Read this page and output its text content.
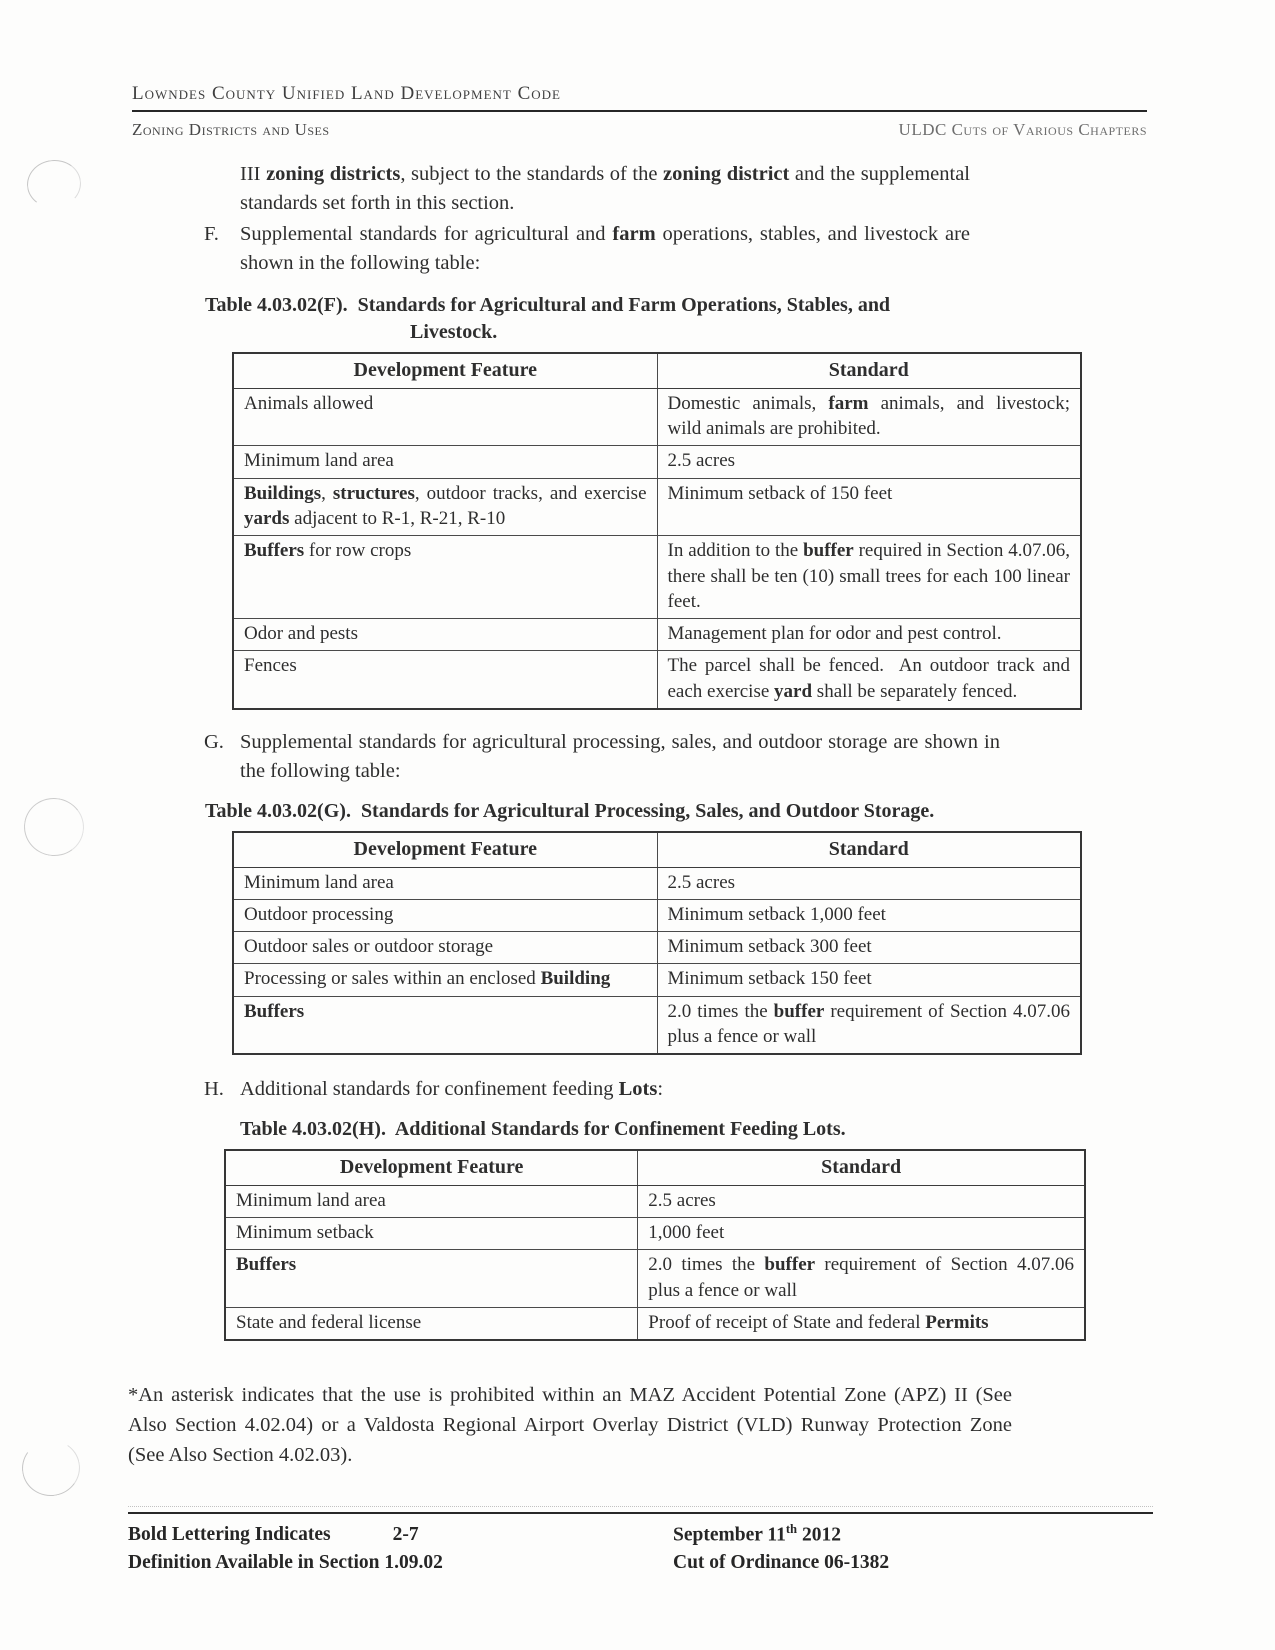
Lowndes County Unified Land Development Code
Zoning Districts and Uses	ULDC Cuts of Various Chapters

III zoning districts, subject to the standards of the zoning district and the supplemental standards set forth in this section.

F.	Supplemental standards for agricultural and farm operations, stables, and livestock are shown in the following table:

Table 4.03.02(F).  Standards for Agricultural and Farm Operations, Stables, and
Livestock.

Development Feature	Standard
Animals allowed	Domestic animals, farm animals, and livestock; wild animals are prohibited.
Minimum land area	2.5 acres
Buildings, structures, outdoor tracks, and exercise yards adjacent to R-1, R-21, R-10	Minimum setback of 150 feet
Buffers for row crops	In addition to the buffer required in Section 4.07.06, there shall be ten (10) small trees for each 100 linear feet.
Odor and pests	Management plan for odor and pest control.
Fences	The parcel shall be fenced.  An outdoor track and each exercise yard shall be separately fenced.
G. Supplemental standards for agricultural processing, sales, and outdoor storage are shown in the following table:

Table 4.03.02(G).  Standards for Agricultural Processing, Sales, and Outdoor Storage.

Development Feature	Standard
Minimum land area	2.5 acres
Outdoor processing	Minimum setback 1,000 feet
Outdoor sales or outdoor storage	Minimum setback 300 feet
Processing or sales within an enclosed Building	Minimum setback 150 feet
Buffers	2.0 times the buffer requirement of Section 4.07.06 plus a fence or wall
H. Additional standards for confinement feeding Lots:

Table 4.03.02(H).  Additional Standards for Confinement Feeding Lots.

Development Feature	Standard
Minimum land area	2.5 acres
Minimum setback	1,000 feet
Buffers	2.0 times the buffer requirement of Section 4.07.06 plus a fence or wall
State and federal license	Proof of receipt of State and federal Permits

*An asterisk indicates that the use is prohibited within an MAZ Accident Potential Zone (APZ) II (See Also Section 4.02.04) or a Valdosta Regional Airport Overlay District (VLD) Runway Protection Zone (See Also Section 4.02.03).

Bold Lettering Indicates	2-7
Definition Available in Section 1.09.02
September 11th 2012
Cut of Ordinance 06-1382
